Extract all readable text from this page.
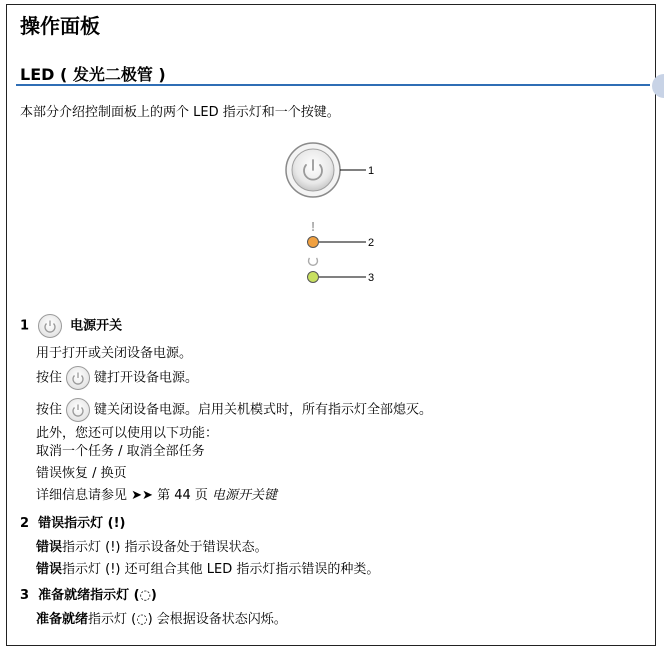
操作面板
LED ( 发光二极管 )
本部分介绍控制面板上的两个 LED 指示灯和一个按键。
1
!
2
3
1	电源开关
用于打开或关闭设备电源。
按住 键打开设备电源。
按住 键关闭设备电源。启用关机模式时，所有指示灯全部熄灭。
此外，您还可以使用以下功能：
取消一个任务 / 取消全部任务
错误恢复 / 换页
详细信息请参见 ➤➤ 第 44 页 电源开关键
2 错误指示灯 (!)
错误指示灯 (!) 指示设备处于错误状态。
错误指示灯 (!) 还可组合其他 LED 指示灯指示错误的种类。
3 准备就绪指示灯 (◌)
准备就绪指示灯 (◌) 会根据设备状态闪烁。
